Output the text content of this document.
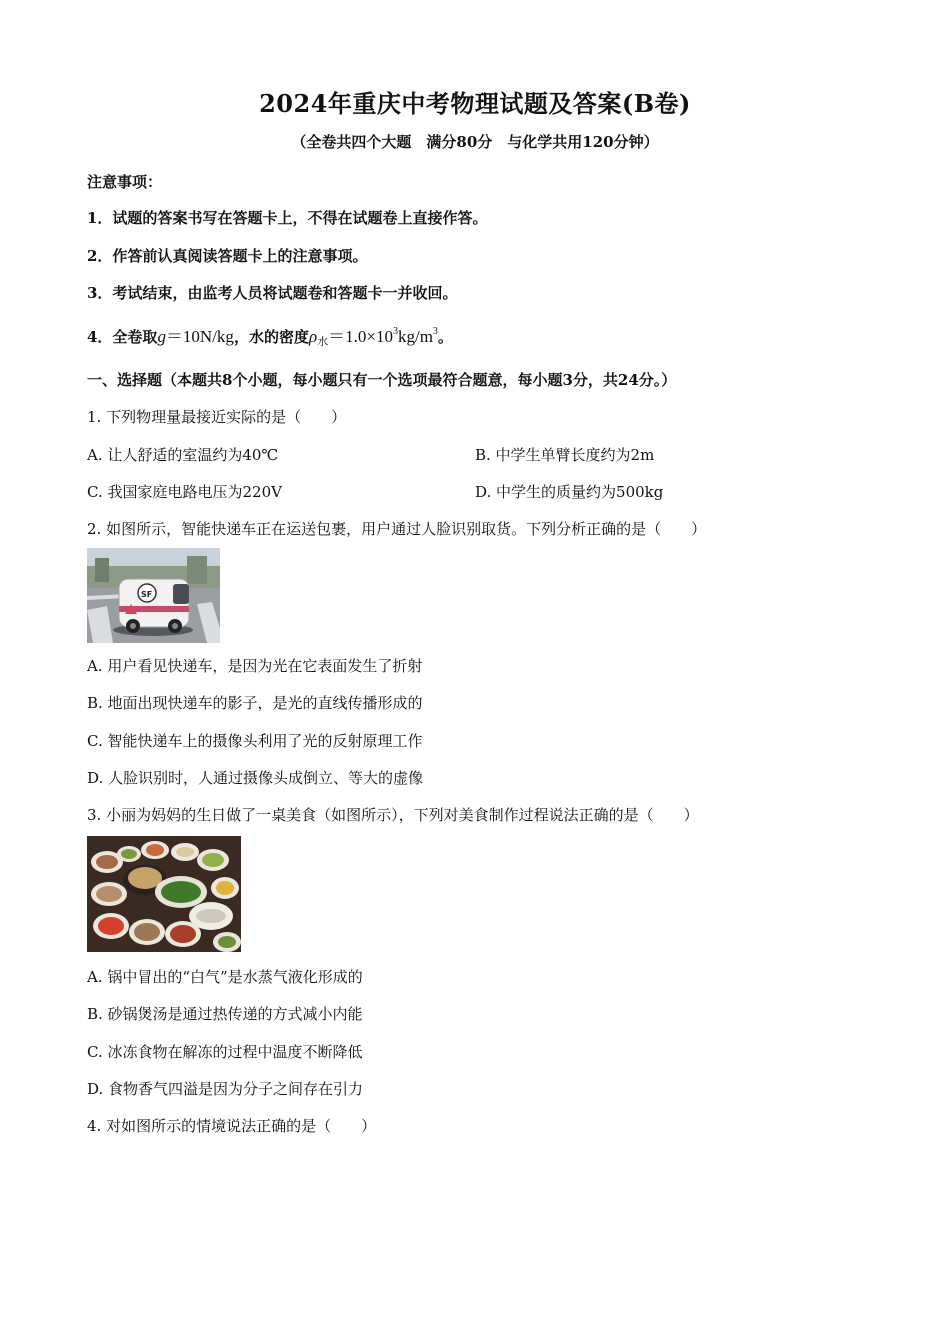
2024年重庆中考物理试题及答案(B卷)
（全卷共四个大题　满分80分　与化学共用120分钟）
注意事项：
1．试题的答案书写在答题卡上，不得在试题卷上直接作答。
2．作答前认真阅读答题卡上的注意事项。
3．考试结束，由监考人员将试题卷和答题卡一并收回。
4．全卷取g＝10N/kg，水的密度$\rho_水=1.0\times 10^3kg/m^3$。
一、选择题（本题共8个小题，每小题只有一个选项最符合题意，每小题3分，共24分。）
1. 下列物理量最接近实际的是（　　）
A. 让人舒适的室温约为40℃	B. 中学生单臂长度约为2m
C. 我国家庭电路电压为220V	D. 中学生的质量约为500kg
2. 如图所示，智能快递车正在运送包裹，用户通过人脸识别取货。下列分析正确的是（　　）
SF
A. 用户看见快递车，是因为光在它表面发生了折射
B. 地面出现快递车的影子，是光的直线传播形成的
C. 智能快递车上的摄像头利用了光的反射原理工作
D. 人脸识别时，人通过摄像头成倒立、等大的虚像
3. 小丽为妈妈的生日做了一桌美食（如图所示），下列对美食制作过程说法正确的是（　　）
A. 锅中冒出的“白气”是水蒸气液化形成的
B. 砂锅煲汤是通过热传递的方式减小内能
C. 冰冻食物在解冻的过程中温度不断降低
D. 食物香气四溢是因为分子之间存在引力
4. 对如图所示的情境说法正确的是（　　）
